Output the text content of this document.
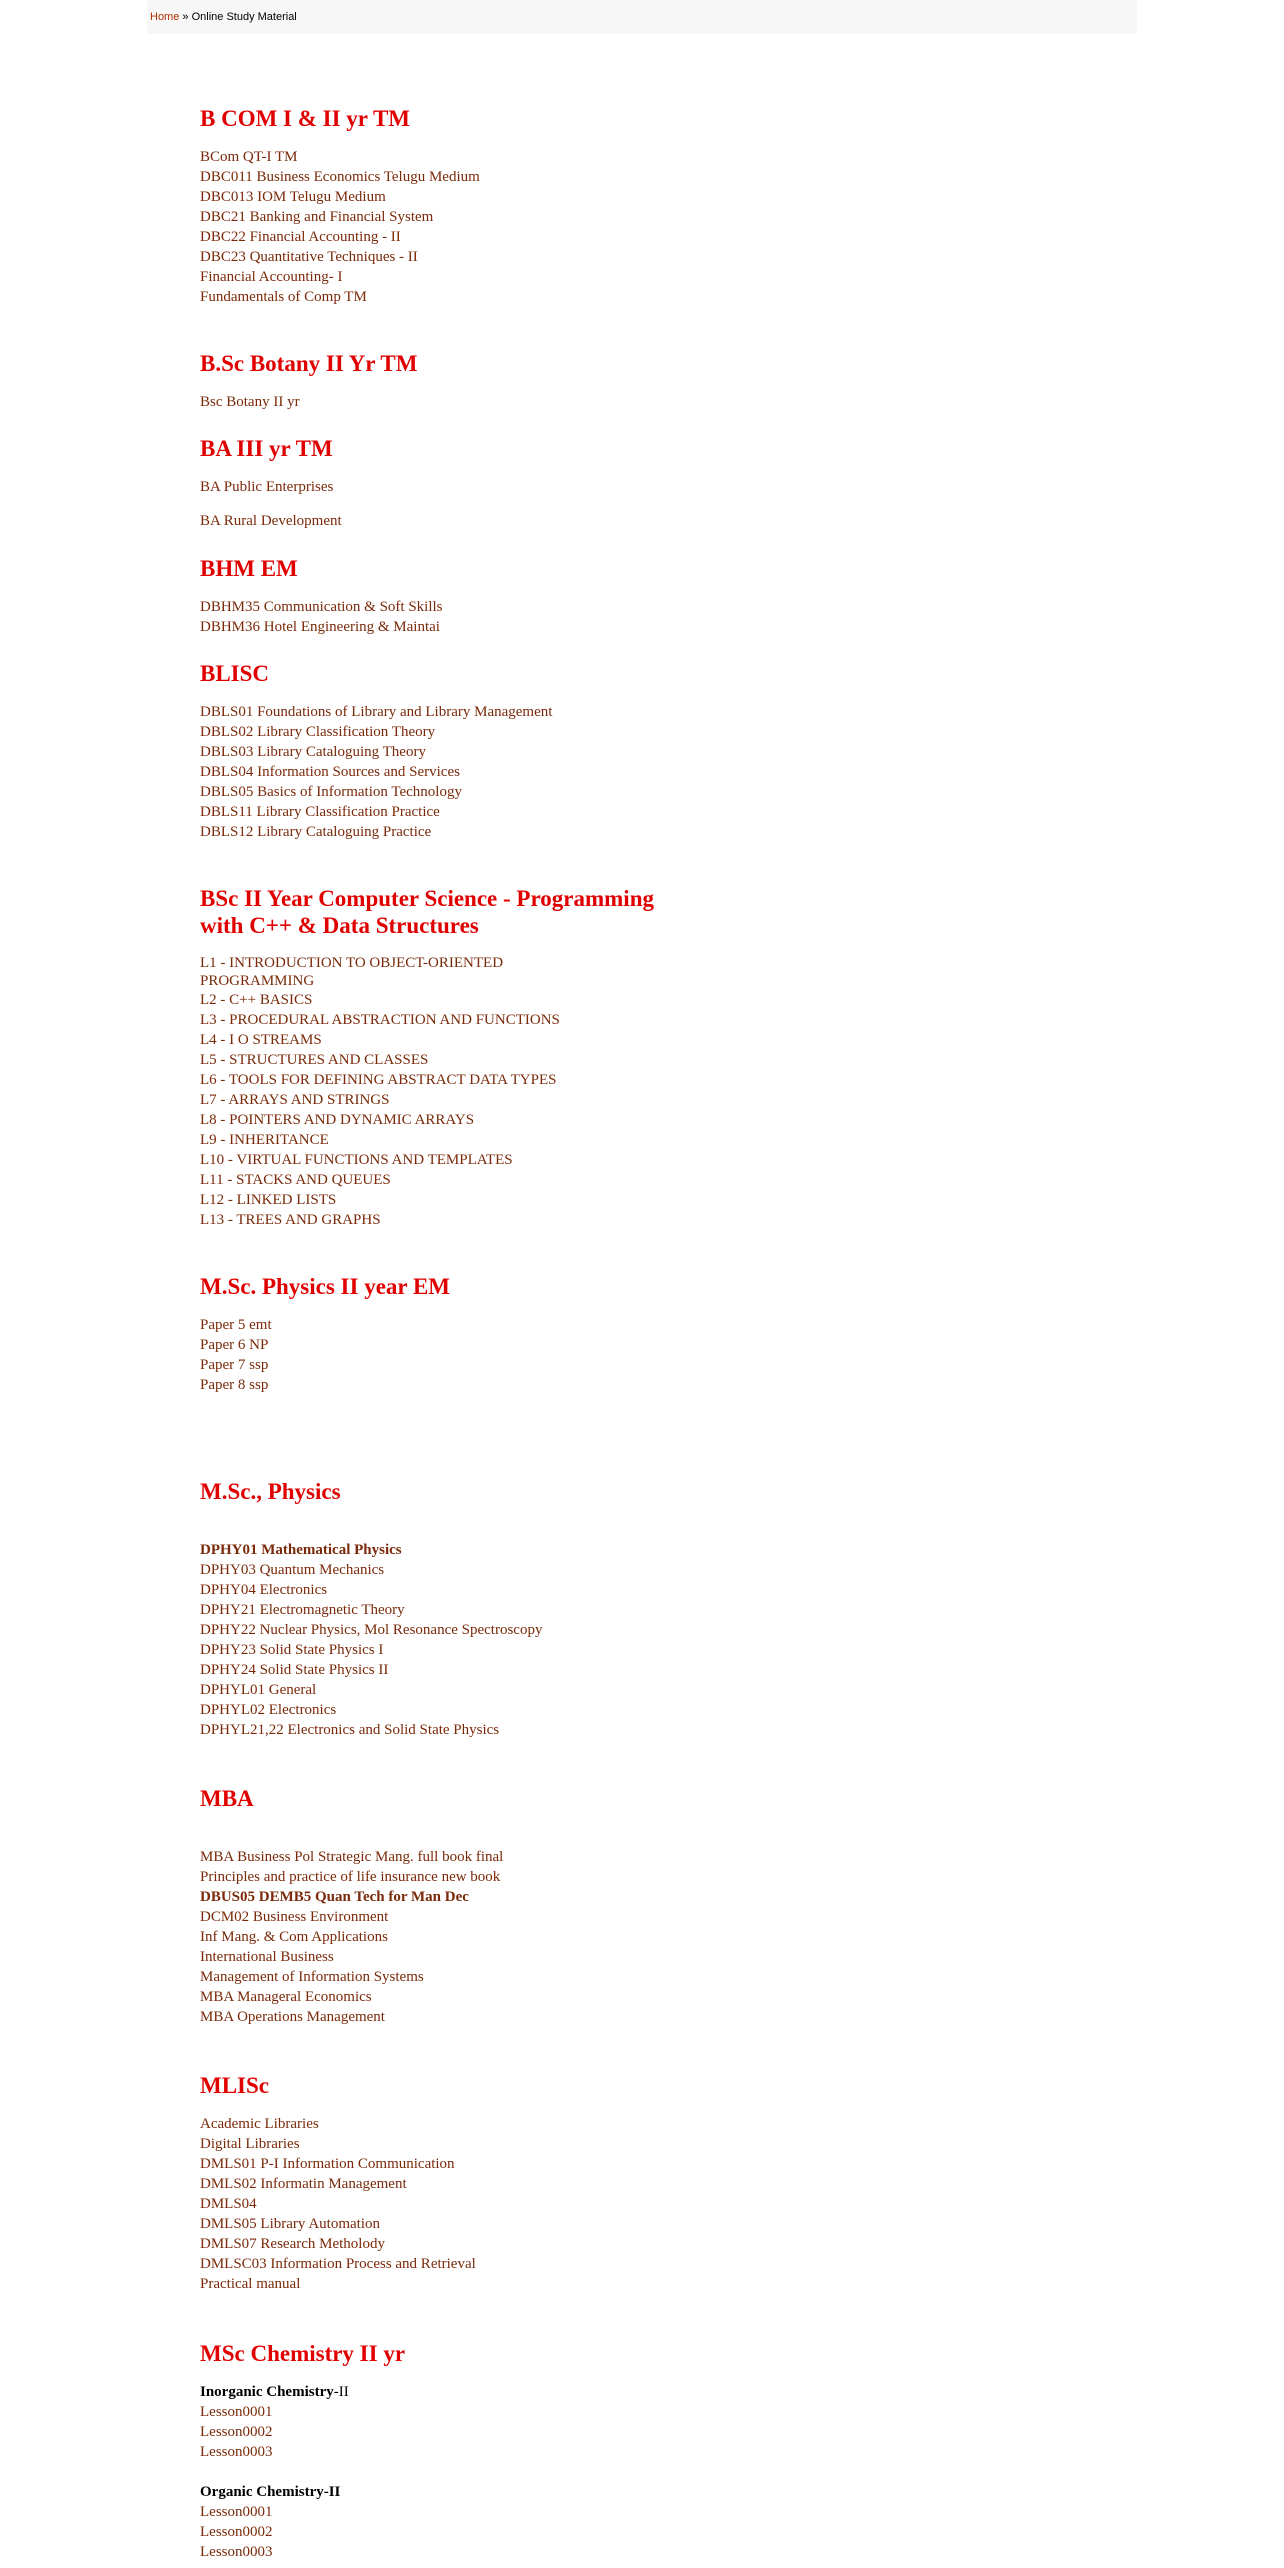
Home » Online Study Material
B COM I & II yr TM
BCom QT-I TM
DBC011 Business Economics Telugu Medium
DBC013 IOM Telugu Medium
DBC21 Banking and Financial System
DBC22 Financial Accounting - II
DBC23 Quantitative Techniques - II
Financial Accounting- I
Fundamentals of Comp TM
B.Sc Botany II Yr TM
Bsc Botany II yr
BA III yr TM
BA Public Enterprises
BA Rural Development
BHM EM
DBHM35 Communication & Soft Skills
DBHM36 Hotel Engineering & Maintai
BLISC
DBLS01 Foundations of Library and Library Management
DBLS02 Library Classification Theory
DBLS03 Library Cataloguing Theory
DBLS04 Information Sources and Services
DBLS05 Basics of Information Technology
DBLS11 Library Classification Practice
DBLS12 Library Cataloguing Practice
BSc II Year Computer Science - Programming with C++ & Data Structures
L1 - INTRODUCTION TO OBJECT-ORIENTED PROGRAMMING
L2 - C++ BASICS
L3 - PROCEDURAL ABSTRACTION AND FUNCTIONS
L4 - I O STREAMS
L5 - STRUCTURES AND CLASSES
L6 - TOOLS FOR DEFINING ABSTRACT DATA TYPES
L7 - ARRAYS AND STRINGS
L8 - POINTERS AND DYNAMIC ARRAYS
L9 - INHERITANCE
L10 - VIRTUAL FUNCTIONS AND TEMPLATES
L11 - STACKS AND QUEUES
L12 - LINKED LISTS
L13 - TREES AND GRAPHS
M.Sc. Physics II year EM
Paper 5 emt
Paper 6 NP
Paper 7 ssp
Paper 8 ssp
M.Sc., Physics
DPHY01 Mathematical Physics
DPHY03 Quantum Mechanics
DPHY04 Electronics
DPHY21 Electromagnetic Theory
DPHY22 Nuclear Physics, Mol Resonance Spectroscopy
DPHY23 Solid State Physics I
DPHY24 Solid State Physics II
DPHYL01 General
DPHYL02 Electronics
DPHYL21,22 Electronics and Solid State Physics
MBA
MBA Business Pol Strategic Mang. full book final
Principles and practice of life insurance new book
DBUS05 DEMB5 Quan Tech for Man Dec
DCM02 Business Environment
Inf Mang. & Com Applications
International Business
Management of Information Systems
MBA Manageral Economics
MBA Operations Management
MLISc
Academic Libraries
Digital Libraries
DMLS01 P-I Information Communication
DMLS02 Informatin Management
DMLS04
DMLS05 Library Automation
DMLS07 Research Metholody
DMLSC03 Information Process and Retrieval
Practical manual
MSc Chemistry II yr

Inorganic Chemistry-II

Lesson0001
Lesson0002
Lesson0003

Organic Chemistry-II

Lesson0001
Lesson0002
Lesson0003
